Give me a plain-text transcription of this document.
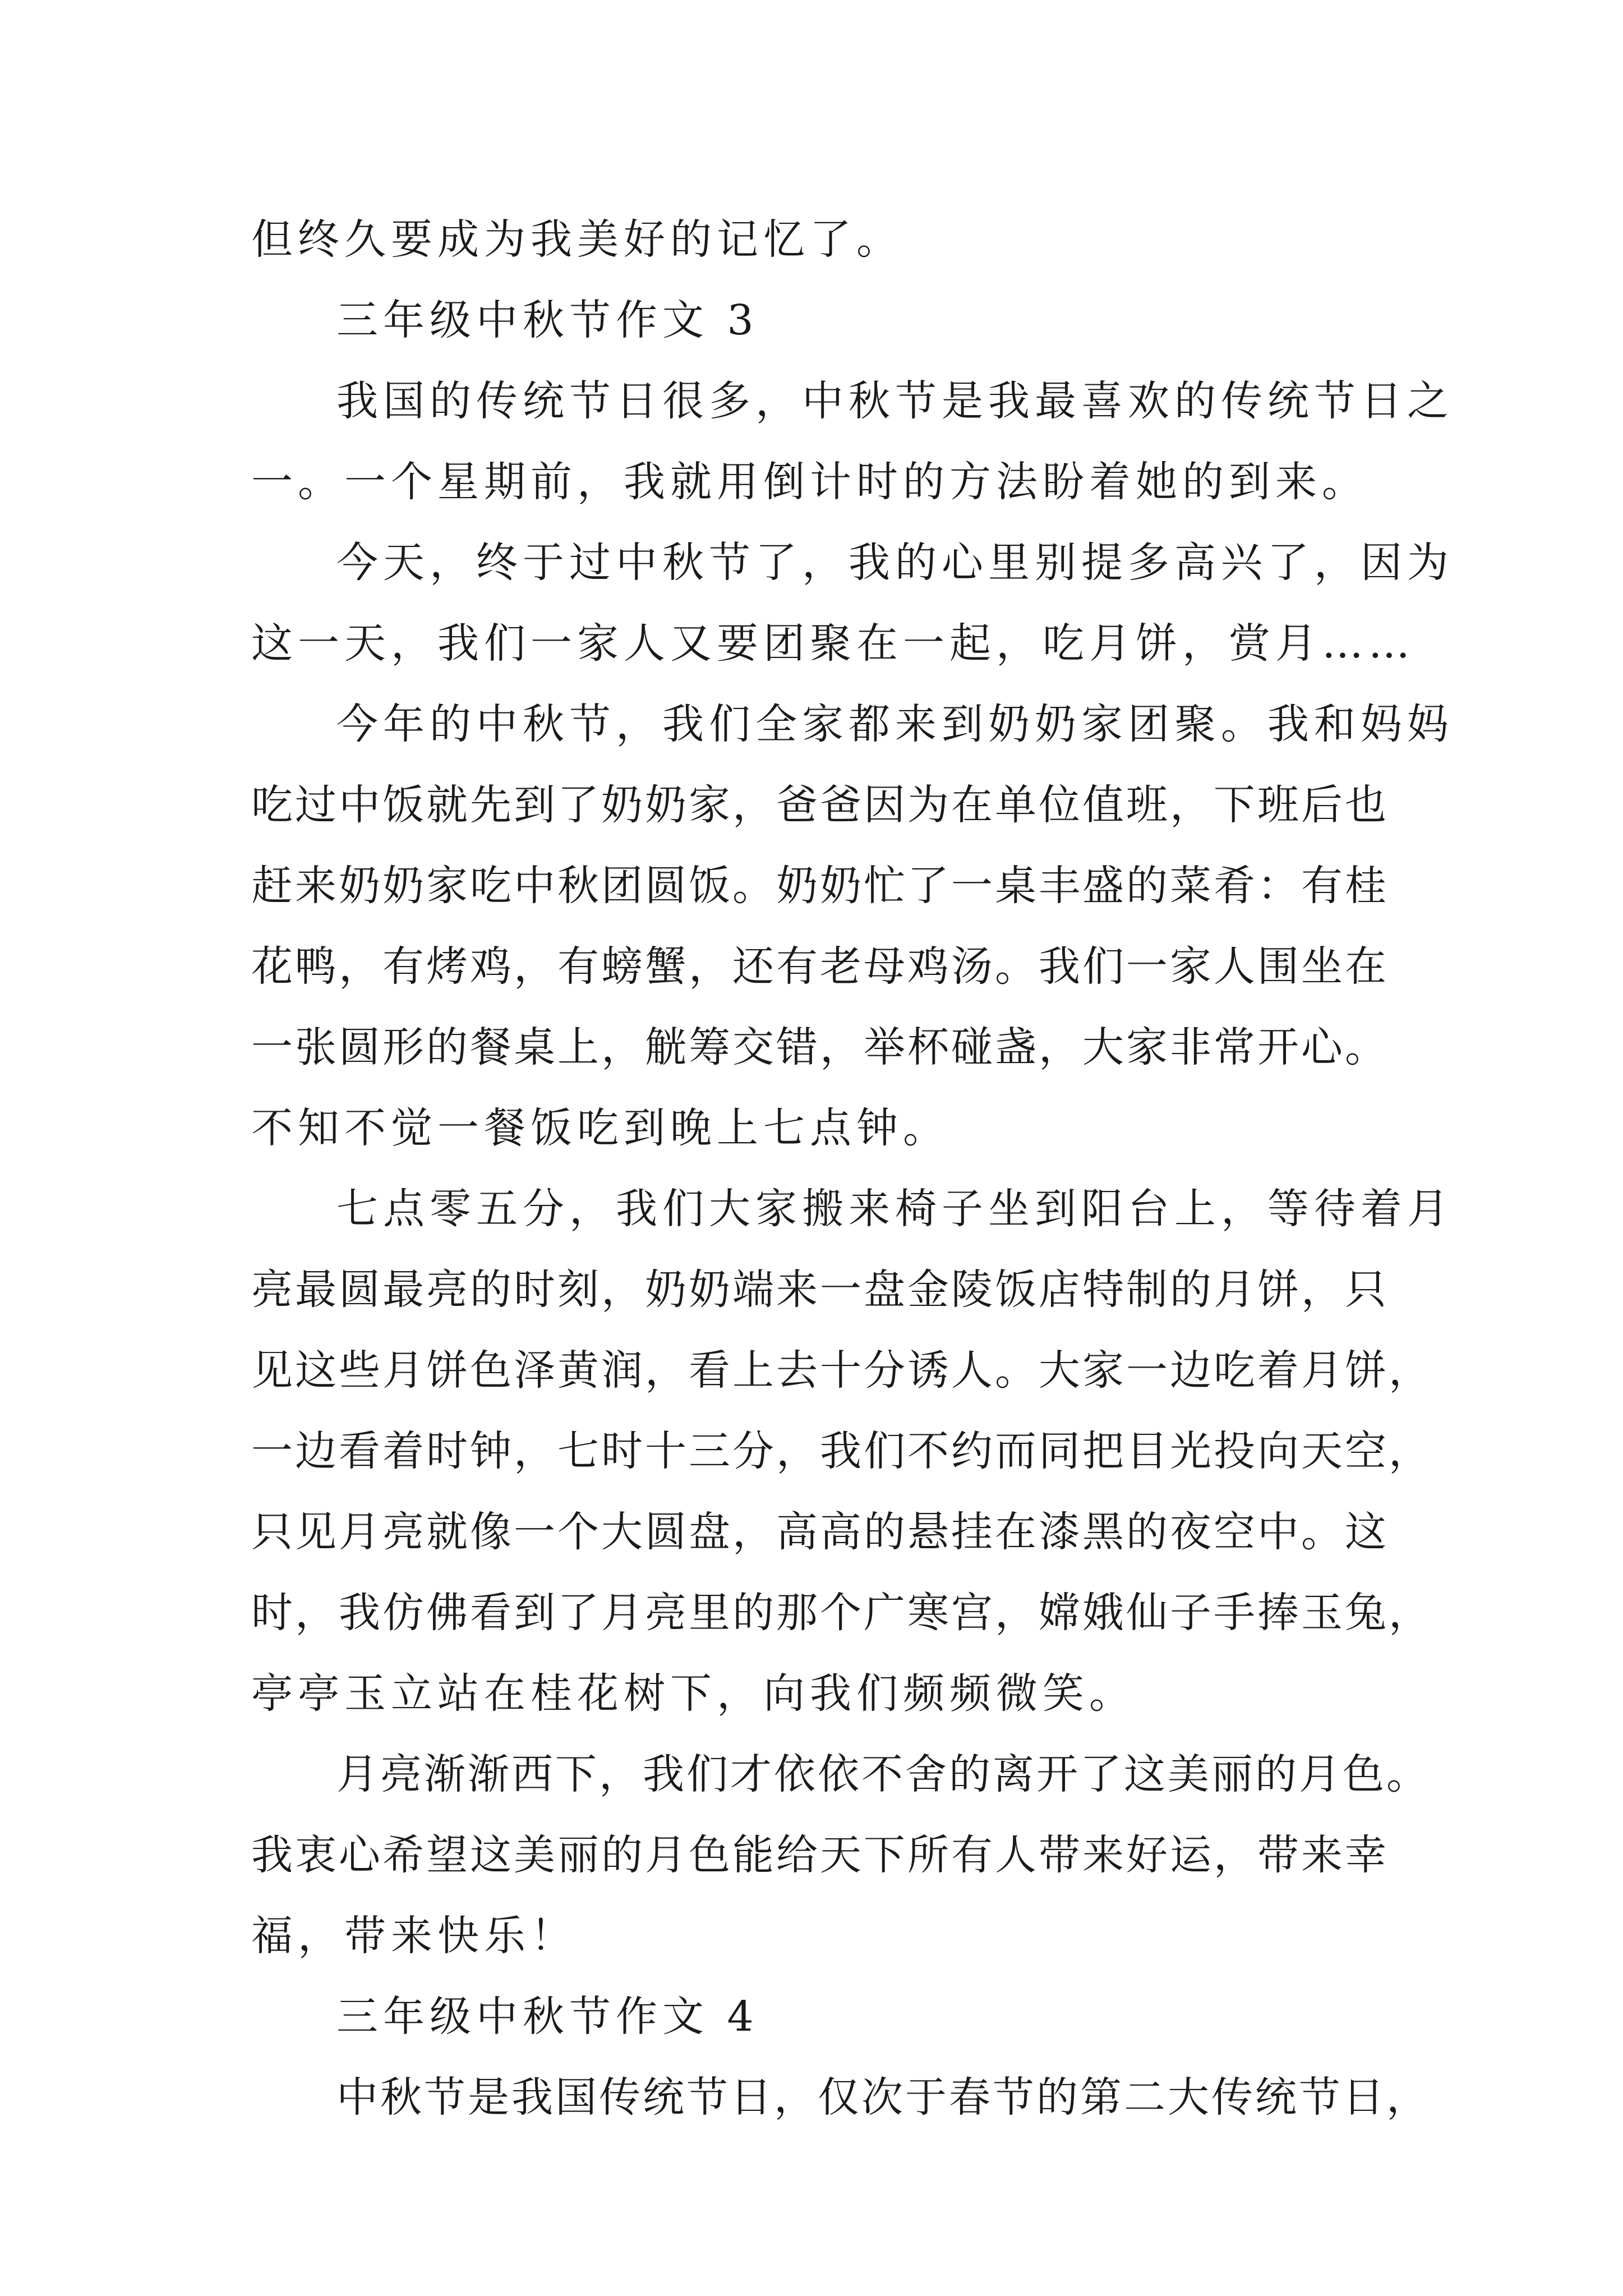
但终久要成为我美好的记忆了。
三年级中秋节作文 3
我国的传统节日很多，中秋节是我最喜欢的传统节日之
一。一个星期前，我就用倒计时的方法盼着她的到来。
今天，终于过中秋节了，我的心里别提多高兴了，因为
这一天，我们一家人又要团聚在一起，吃月饼，赏月……
今年的中秋节，我们全家都来到奶奶家团聚。我和妈妈
吃过中饭就先到了奶奶家，爸爸因为在单位值班，下班后也
赶来奶奶家吃中秋团圆饭。奶奶忙了一桌丰盛的菜肴：有桂
花鸭，有烤鸡，有螃蟹，还有老母鸡汤。我们一家人围坐在
一张圆形的餐桌上，觥筹交错，举杯碰盏，大家非常开心。
不知不觉一餐饭吃到晚上七点钟。
七点零五分，我们大家搬来椅子坐到阳台上，等待着月
亮最圆最亮的时刻，奶奶端来一盘金陵饭店特制的月饼，只
见这些月饼色泽黄润，看上去十分诱人。大家一边吃着月饼，
一边看着时钟，七时十三分，我们不约而同把目光投向天空，
只见月亮就像一个大圆盘，高高的悬挂在漆黑的夜空中。这
时，我仿佛看到了月亮里的那个广寒宫，嫦娥仙子手捧玉兔，
亭亭玉立站在桂花树下，向我们频频微笑。
月亮渐渐西下，我们才依依不舍的离开了这美丽的月色。
我衷心希望这美丽的月色能给天下所有人带来好运，带来幸
福，带来快乐！
三年级中秋节作文 4
中秋节是我国传统节日，仅次于春节的第二大传统节日，
